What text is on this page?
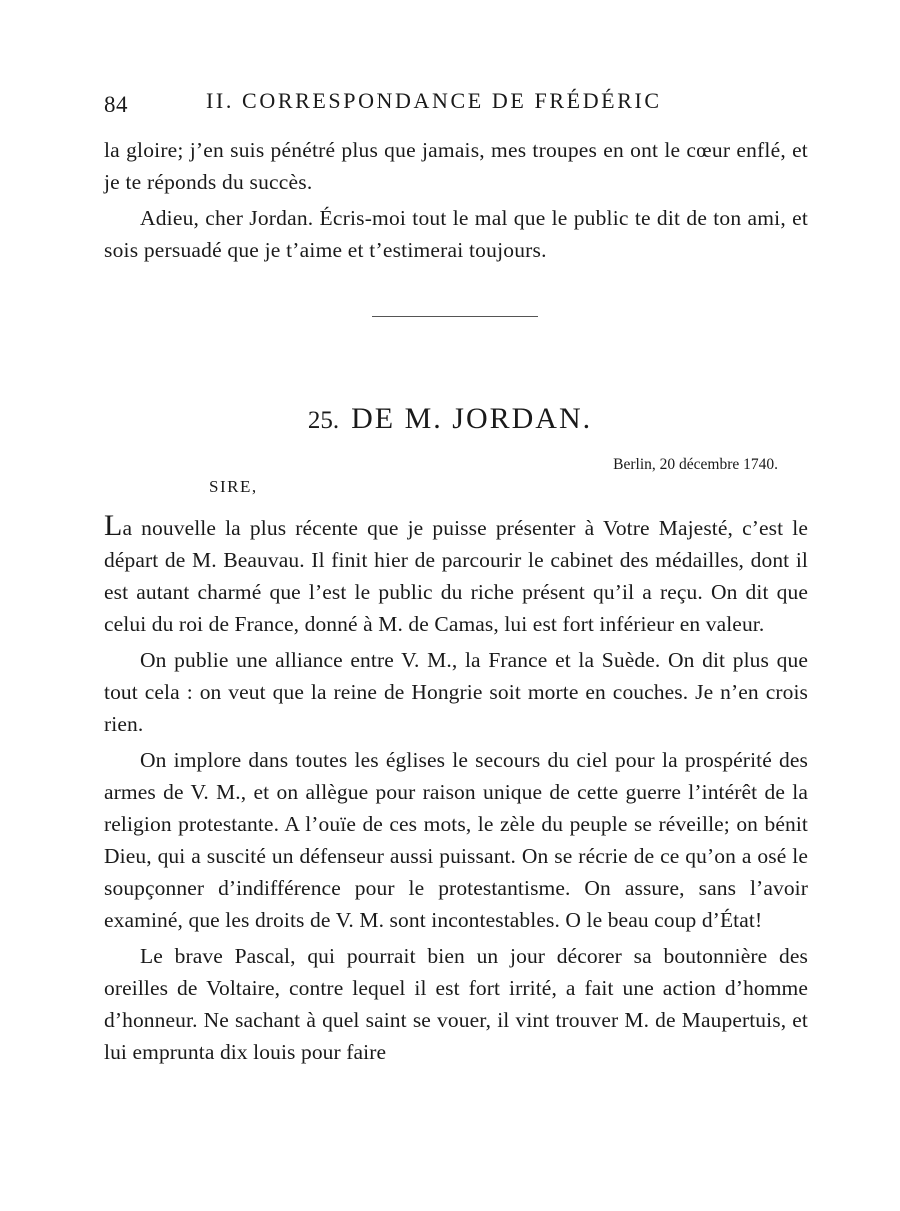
84	II. CORRESPONDANCE DE FRÉDÉRIC

la gloire; j’en suis pénétré plus que jamais, mes troupes en ont le cœur enflé, et je te réponds du succès.

Adieu, cher Jordan. Écris-moi tout le mal que le public te dit de ton ami, et sois persuadé que je t’aime et t’estimerai toujours.

25. DE M. JORDAN.
Berlin, 20 décembre 1740.
SIRE,

La nouvelle la plus récente que je puisse présenter à Votre Majesté, c’est le départ de M. Beauvau. Il finit hier de parcourir le cabinet des médailles, dont il est autant charmé que l’est le public du riche présent qu’il a reçu. On dit que celui du roi de France, donné à M. de Camas, lui est fort inférieur en valeur.

On publie une alliance entre V. M., la France et la Suède. On dit plus que tout cela : on veut que la reine de Hongrie soit morte en couches. Je n’en crois rien.

On implore dans toutes les églises le secours du ciel pour la prospérité des armes de V. M., et on allègue pour raison unique de cette guerre l’intérêt de la religion protestante. A l’ouïe de ces mots, le zèle du peuple se réveille; on bénit Dieu, qui a suscité un défenseur aussi puissant. On se récrie de ce qu’on a osé le soupçonner d’indifférence pour le protestantisme. On assure, sans l’avoir examiné, que les droits de V. M. sont incontestables. O le beau coup d’État!

Le brave Pascal, qui pourrait bien un jour décorer sa boutonnière des oreilles de Voltaire, contre lequel il est fort irrité, a fait une action d’homme d’honneur. Ne sachant à quel saint se vouer, il vint trouver M. de Maupertuis, et lui emprunta dix louis pour faire
